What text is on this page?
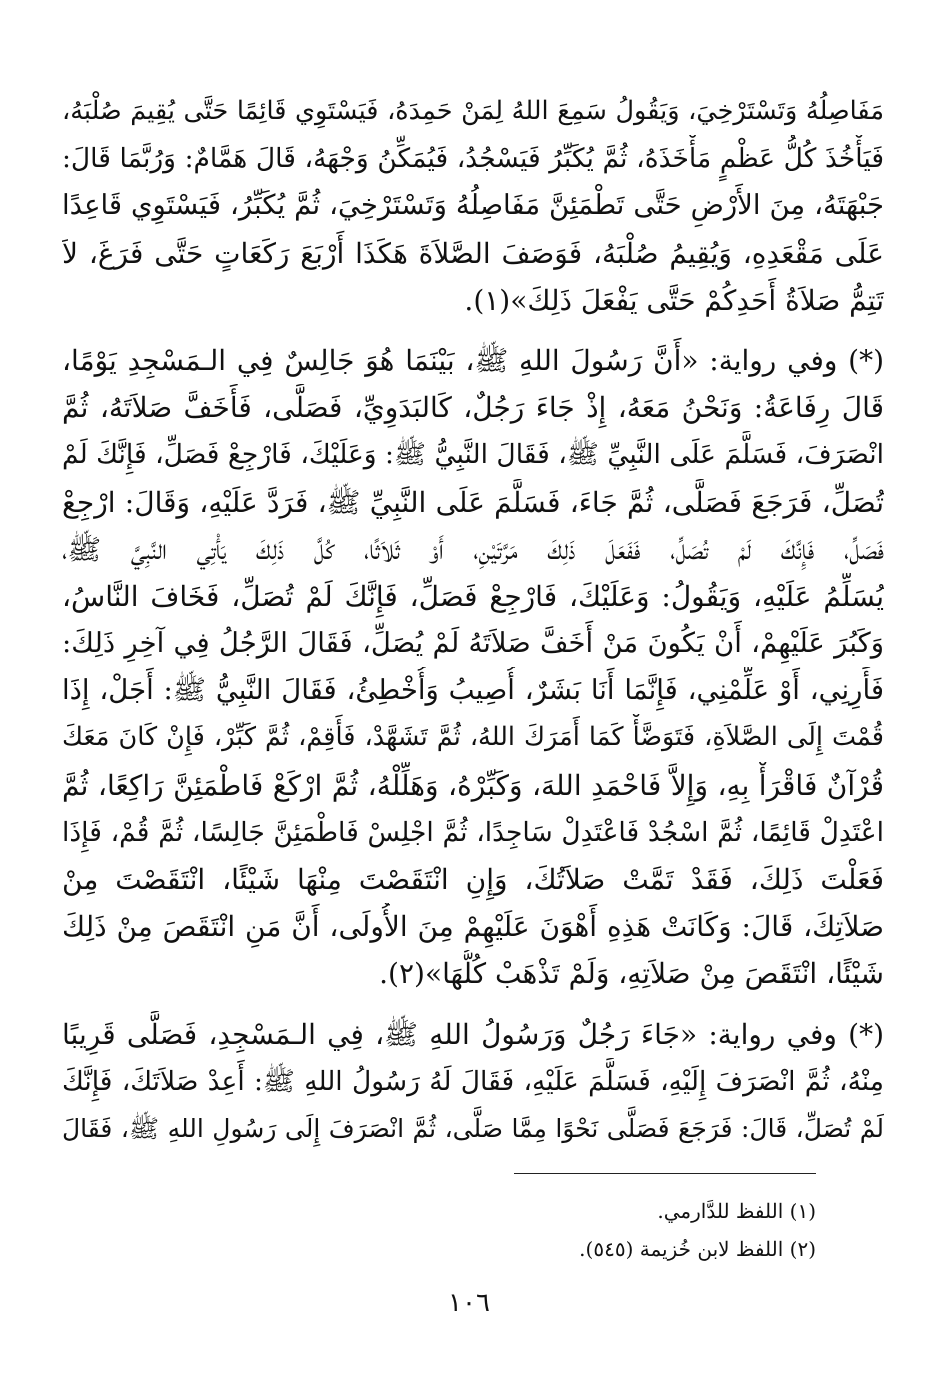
مَفَاصِلُهُ وَتَسْتَرْخِيَ، وَيَقُولُ سَمِعَ اللهُ لِمَنْ حَمِدَهُ، فَيَسْتَوِي قَائِمًا حَتَّى يُقِيمَ صُلْبَهُ،
فَيَأْخُذَ كُلُّ عَظْمٍ مَأْخَذَهُ، ثُمَّ يُكَبِّرُ فَيَسْجُدُ، فَيُمَكِّنُ وَجْهَهُ، قَالَ هَمَّامٌ: وَرُبَّمَا قَالَ:
جَبْهَتَهُ، مِنَ الأَرْضِ حَتَّى تَطْمَئِنَّ مَفَاصِلُهُ وَتَسْتَرْخِيَ، ثُمَّ يُكَبِّرُ، فَيَسْتَوِي قَاعِدًا
عَلَى مَقْعَدِهِ، وَيُقِيمُ صُلْبَهُ، فَوَصَفَ الصَّلاَةَ هَكَذَا أَرْبَعَ رَكَعَاتٍ حَتَّى فَرَغَ، لاَ
تَتِمُّ صَلاَةُ أَحَدِكُمْ حَتَّى يَفْعَلَ ذَلِكَ»(١).
(*) وفي رواية: «أَنَّ رَسُولَ اللهِ ﷺ، بَيْنَمَا هُوَ جَالِسٌ فِي الـمَسْجِدِ يَوْمًا،
قَالَ رِفَاعَةُ: وَنَحْنُ مَعَهُ، إِذْ جَاءَ رَجُلٌ، كَالبَدَوِيِّ، فَصَلَّى، فَأَخَفَّ صَلاَتَهُ، ثُمَّ
انْصَرَفَ، فَسَلَّمَ عَلَى النَّبِيِّ ﷺ، فَقَالَ النَّبِيُّ ﷺ: وَعَلَيْكَ، فَارْجِعْ فَصَلِّ، فَإِنَّكَ لَمْ
تُصَلِّ، فَرَجَعَ فَصَلَّى، ثُمَّ جَاءَ، فَسَلَّمَ عَلَى النَّبِيِّ ﷺ، فَرَدَّ عَلَيْهِ، وَقَالَ: ارْجِعْ
فَصَلِّ، فَإِنَّكَ لَمْ تُصَلِّ، فَفَعَلَ ذَلِكَ مَرَّتَيْنِ، أَوْ ثَلاَثًا، كُلَّ ذَلِكَ يَأْتِي النَّبِيَّ ﷺ،
يُسَلِّمُ عَلَيْهِ، وَيَقُولُ: وَعَلَيْكَ، فَارْجِعْ فَصَلِّ، فَإِنَّكَ لَمْ تُصَلِّ، فَخَافَ النَّاسُ،
وَكَبُرَ عَلَيْهِمْ، أَنْ يَكُونَ مَنْ أَخَفَّ صَلاَتَهُ لَمْ يُصَلِّ، فَقَالَ الرَّجُلُ فِي آخِرِ ذَلِكَ:
فَأَرِنِي، أَوْ عَلِّمْنِي، فَإِنَّمَا أَنَا بَشَرٌ، أُصِيبُ وَأُخْطِئُ، فَقَالَ النَّبِيُّ ﷺ: أَجَلْ، إِذَا
قُمْتَ إِلَى الصَّلاَةِ، فَتَوَضَّأْ كَمَا أَمَرَكَ اللهُ، ثُمَّ تَشَهَّدْ، فَأَقِمْ، ثُمَّ كَبِّرْ، فَإِنْ كَانَ مَعَكَ
قُرْآنٌ فَاقْرَأْ بِهِ، وَإِلاَّ فَاحْمَدِ اللهَ، وَكَبِّرْهُ، وَهَلِّلْهُ، ثُمَّ ارْكَعْ فَاطْمَئِنَّ رَاكِعًا، ثُمَّ
اعْتَدِلْ قَائِمًا، ثُمَّ اسْجُدْ فَاعْتَدِلْ سَاجِدًا، ثُمَّ اجْلِسْ فَاطْمَئِنَّ جَالِسًا، ثُمَّ قُمْ، فَإِذَا
فَعَلْتَ ذَلِكَ، فَقَدْ تَمَّتْ صَلاَتُكَ، وَإِنِ انْتَقَصْتَ مِنْهَا شَيْئًا، انْتَقَصْتَ مِنْ
صَلاَتِكَ، قَالَ: وَكَانَتْ هَذِهِ أَهْوَنَ عَلَيْهِمْ مِنَ الأُولَى، أَنَّ مَنِ انْتَقَصَ مِنْ ذَلِكَ
شَيْئًا، انْتَقَصَ مِنْ صَلاَتِهِ، وَلَمْ تَذْهَبْ كُلُّهَا»(٢).
(*) وفي رواية: «جَاءَ رَجُلٌ وَرَسُولُ اللهِ ﷺ، فِي الـمَسْجِدِ، فَصَلَّى قَرِيبًا
مِنْهُ، ثُمَّ انْصَرَفَ إِلَيْهِ، فَسَلَّمَ عَلَيْهِ، فَقَالَ لَهُ رَسُولُ اللهِ ﷺ: أَعِدْ صَلاَتَكَ، فَإِنَّكَ
لَمْ تُصَلِّ، قَالَ: فَرَجَعَ فَصَلَّى نَحْوًا مِمَّا صَلَّى، ثُمَّ انْصَرَفَ إِلَى رَسُولِ اللهِ ﷺ، فَقَالَ
(١) اللفظ للدَّارمي.
(٢) اللفظ لابن خُزيمة (٥٤٥).
١٠٦
